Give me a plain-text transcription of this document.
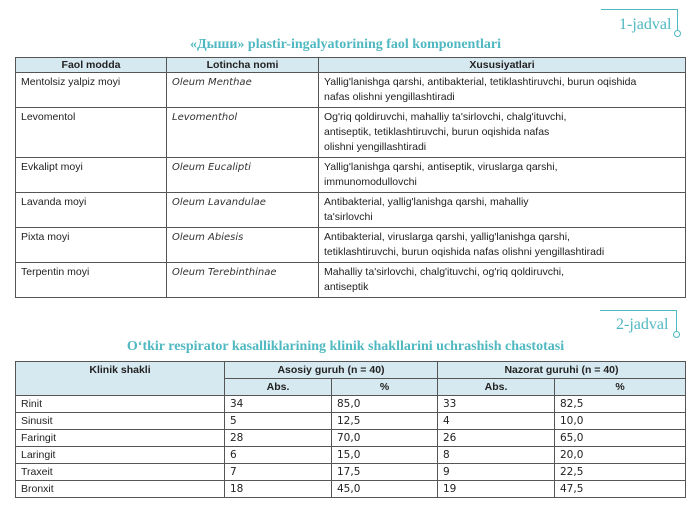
1-jadval
«Дыши» plastir-ingalyatorining faol komponentlari
Faol modda	Lotincha nomi	Xususiyatlari
Mentolsiz yalpiz moyi	Oleum Menthae	Yallig'lanishga qarshi, antibakterial, tetiklashtiruvchi, burun oqishida
nafas olishni yengillashtiradi

Levomentol	Levomenthol	Og'riq qoldiruvchi, mahalliy ta'sirlovchi, chalg'ituvchi,
antiseptik, tetiklashtiruvchi, burun oqishida nafas
olishni yengillashtiradi

Evkalipt moyi	Oleum Eucalipti	Yallig'lanishga qarshi, antiseptik, viruslarga qarshi,
immunomodullovchi

Lavanda moyi	Oleum Lavandulae	Antibakterial, yallig'lanishga qarshi, mahalliy
ta'sirlovchi

Pixta moyi	Oleum Abiesis	Antibakterial, viruslarga qarshi, yallig'lanishga qarshi,
tetiklashtiruvchi, burun oqishida nafas olishni yengillashtiradi

Terpentin moyi	Oleum Terebinthinae	Mahalliy ta'sirlovchi, chalg'ituvchi, og'riq qoldiruvchi,
antiseptik
2-jadval
O‘tkir respirator kasalliklarining klinik shakllarini uchrashish chastotasi
Klinik shakli	Asosiy guruh (n = 40)		Nazorat guruhi (n = 40)	
	Abs.	%	Abs.	%
Rinit	34	85,0	33	82,5
Sinusit	5	12,5	4	10,0
Faringit	28	70,0	26	65,0
Laringit	6	15,0	8	20,0
Traxeit	7	17,5	9	22,5
Bronxit	18	45,0	19	47,5
